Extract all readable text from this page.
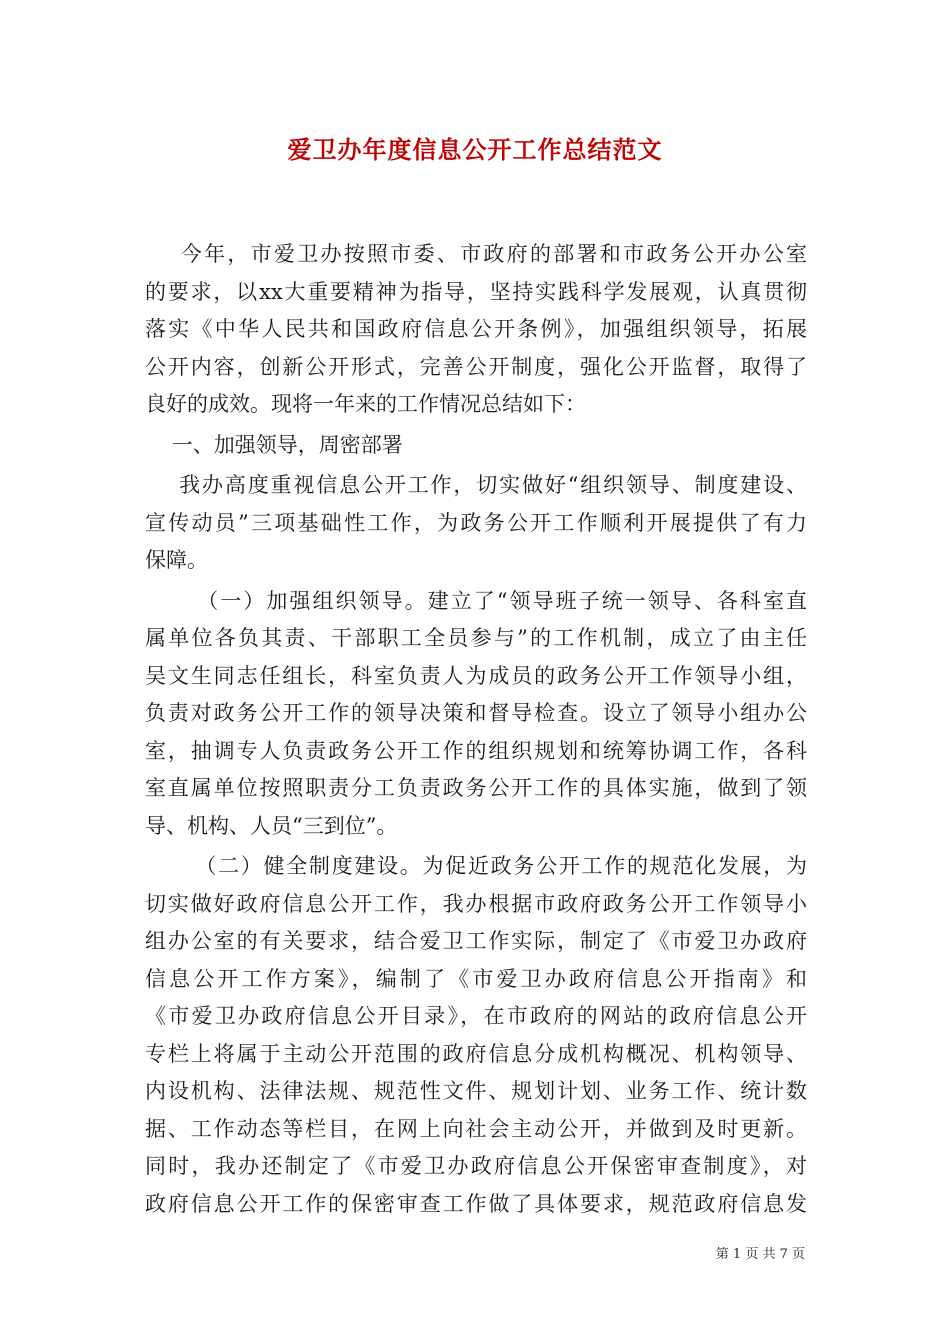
爱卫办年度信息公开工作总结范文
今年，市爱卫办按照市委、市政府的部署和市政务公开办公室
的要求，以xx大重要精神为指导，坚持实践科学发展观，认真贯彻
落实《中华人民共和国政府信息公开条例》，加强组织领导，拓展
公开内容，创新公开形式，完善公开制度，强化公开监督，取得了
良好的成效。现将一年来的工作情况总结如下：
一、加强领导，周密部署
我办高度重视信息公开工作，切实做好“组织领导、制度建设、
宣传动员”三项基础性工作，为政务公开工作顺利开展提供了有力
保障。
（一）加强组织领导。建立了“领导班子统一领导、各科室直
属单位各负其责、干部职工全员参与”的工作机制，成立了由主任
吴文生同志任组长，科室负责人为成员的政务公开工作领导小组，
负责对政务公开工作的领导决策和督导检查。设立了领导小组办公
室，抽调专人负责政务公开工作的组织规划和统筹协调工作，各科
室直属单位按照职责分工负责政务公开工作的具体实施，做到了领
导、机构、人员“三到位”。
（二）健全制度建设。为促近政务公开工作的规范化发展，为
切实做好政府信息公开工作，我办根据市政府政务公开工作领导小
组办公室的有关要求，结合爱卫工作实际，制定了《市爱卫办政府
信息公开工作方案》，编制了《市爱卫办政府信息公开指南》和
《市爱卫办政府信息公开目录》，在市政府的网站的政府信息公开
专栏上将属于主动公开范围的政府信息分成机构概况、机构领导、
内设机构、法律法规、规范性文件、规划计划、业务工作、统计数
据、工作动态等栏目，在网上向社会主动公开，并做到及时更新。
同时，我办还制定了《市爱卫办政府信息公开保密审查制度》，对
政府信息公开工作的保密审查工作做了具体要求，规范政府信息发
第 1 页 共 7 页
